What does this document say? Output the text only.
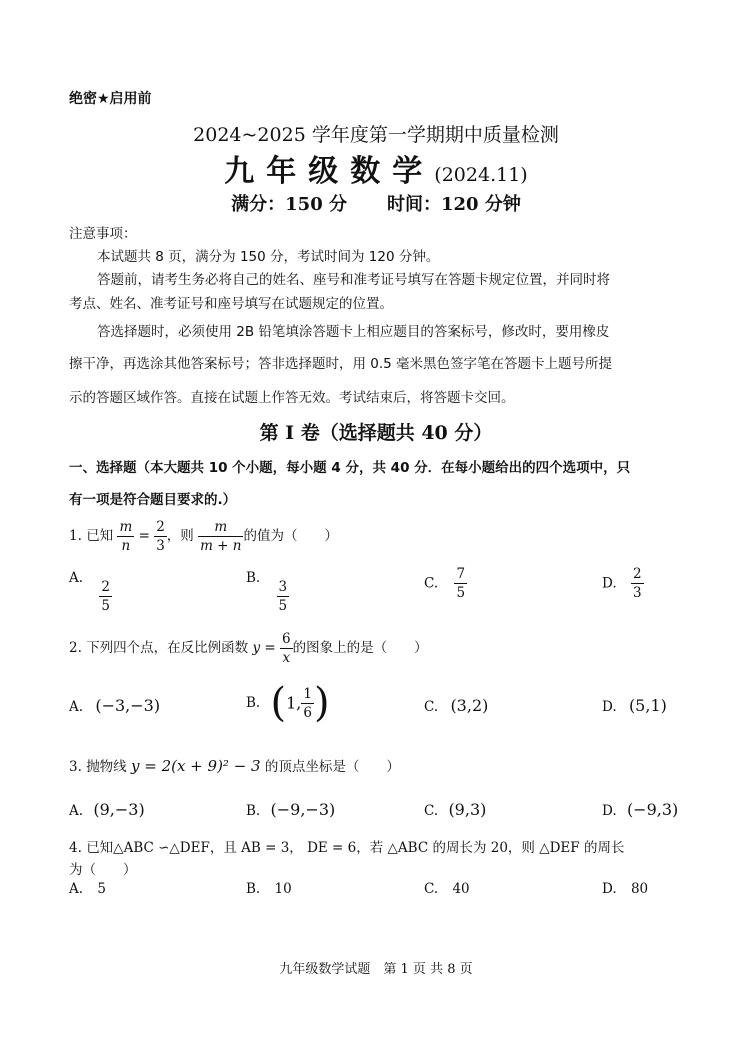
绝密★启用前
2024~2025 学年度第一学期期中质量检测
九年级数学(2024.11)
满分：150 分 时间：120 分钟
注意事项：
本试题共 8 页，满分为 150 分，考试时间为 120 分钟。
答题前，请考生务必将自己的姓名、座号和准考证号填写在答题卡规定位置，并同时将
考点、姓名、准考证号和座号填写在试题规定的位置。
答选择题时，必须使用 2B 铅笔填涂答题卡上相应题目的答案标号，修改时，要用橡皮
擦干净，再选涂其他答案标号；答非选择题时，用 0.5 毫米黑色签字笔在答题卡上题号所提
示的答题区域作答。直接在试题上作答无效。考试结束后，将答题卡交回。
第 I 卷（选择题共 40 分）
一、选择题（本大题共 10 个小题，每小题 4 分，共 40 分．在每小题给出的四个选项中，只
有一项是符合题目要求的.）
1. 已知 $\frac{m}{n} = \frac{2}{3}$ ，则 $\frac{m}{m + n}$ 的值为（　　）
A. $\frac{2}{5}$	B. $\frac{3}{5}$	C. $\frac{7}{5}$	D. $\frac{2}{3}$
2. 下列四个点，在反比例函数 $y = \frac{6}{x}$ 的图象上的是（　　）
A. (−3,−3)	B. (1, $\frac{1}{6}$ )	C. (3,2)	D. (5,1)
3. 抛物线 y = 2(x + 9)² − 3 的顶点坐标是（　　）
A. (9,−3)	B. (−9,−3)	C. (9,3)	D. (−9,3)
4. 已知△ABC ∽△DEF，且 AB = 3， DE = 6，若 △ABC 的周长为 20，则 △DEF 的周长
为（　　）
A. 5	B. 10	C. 40	D. 80
九年级数学试题　第 1 页 共 8 页
